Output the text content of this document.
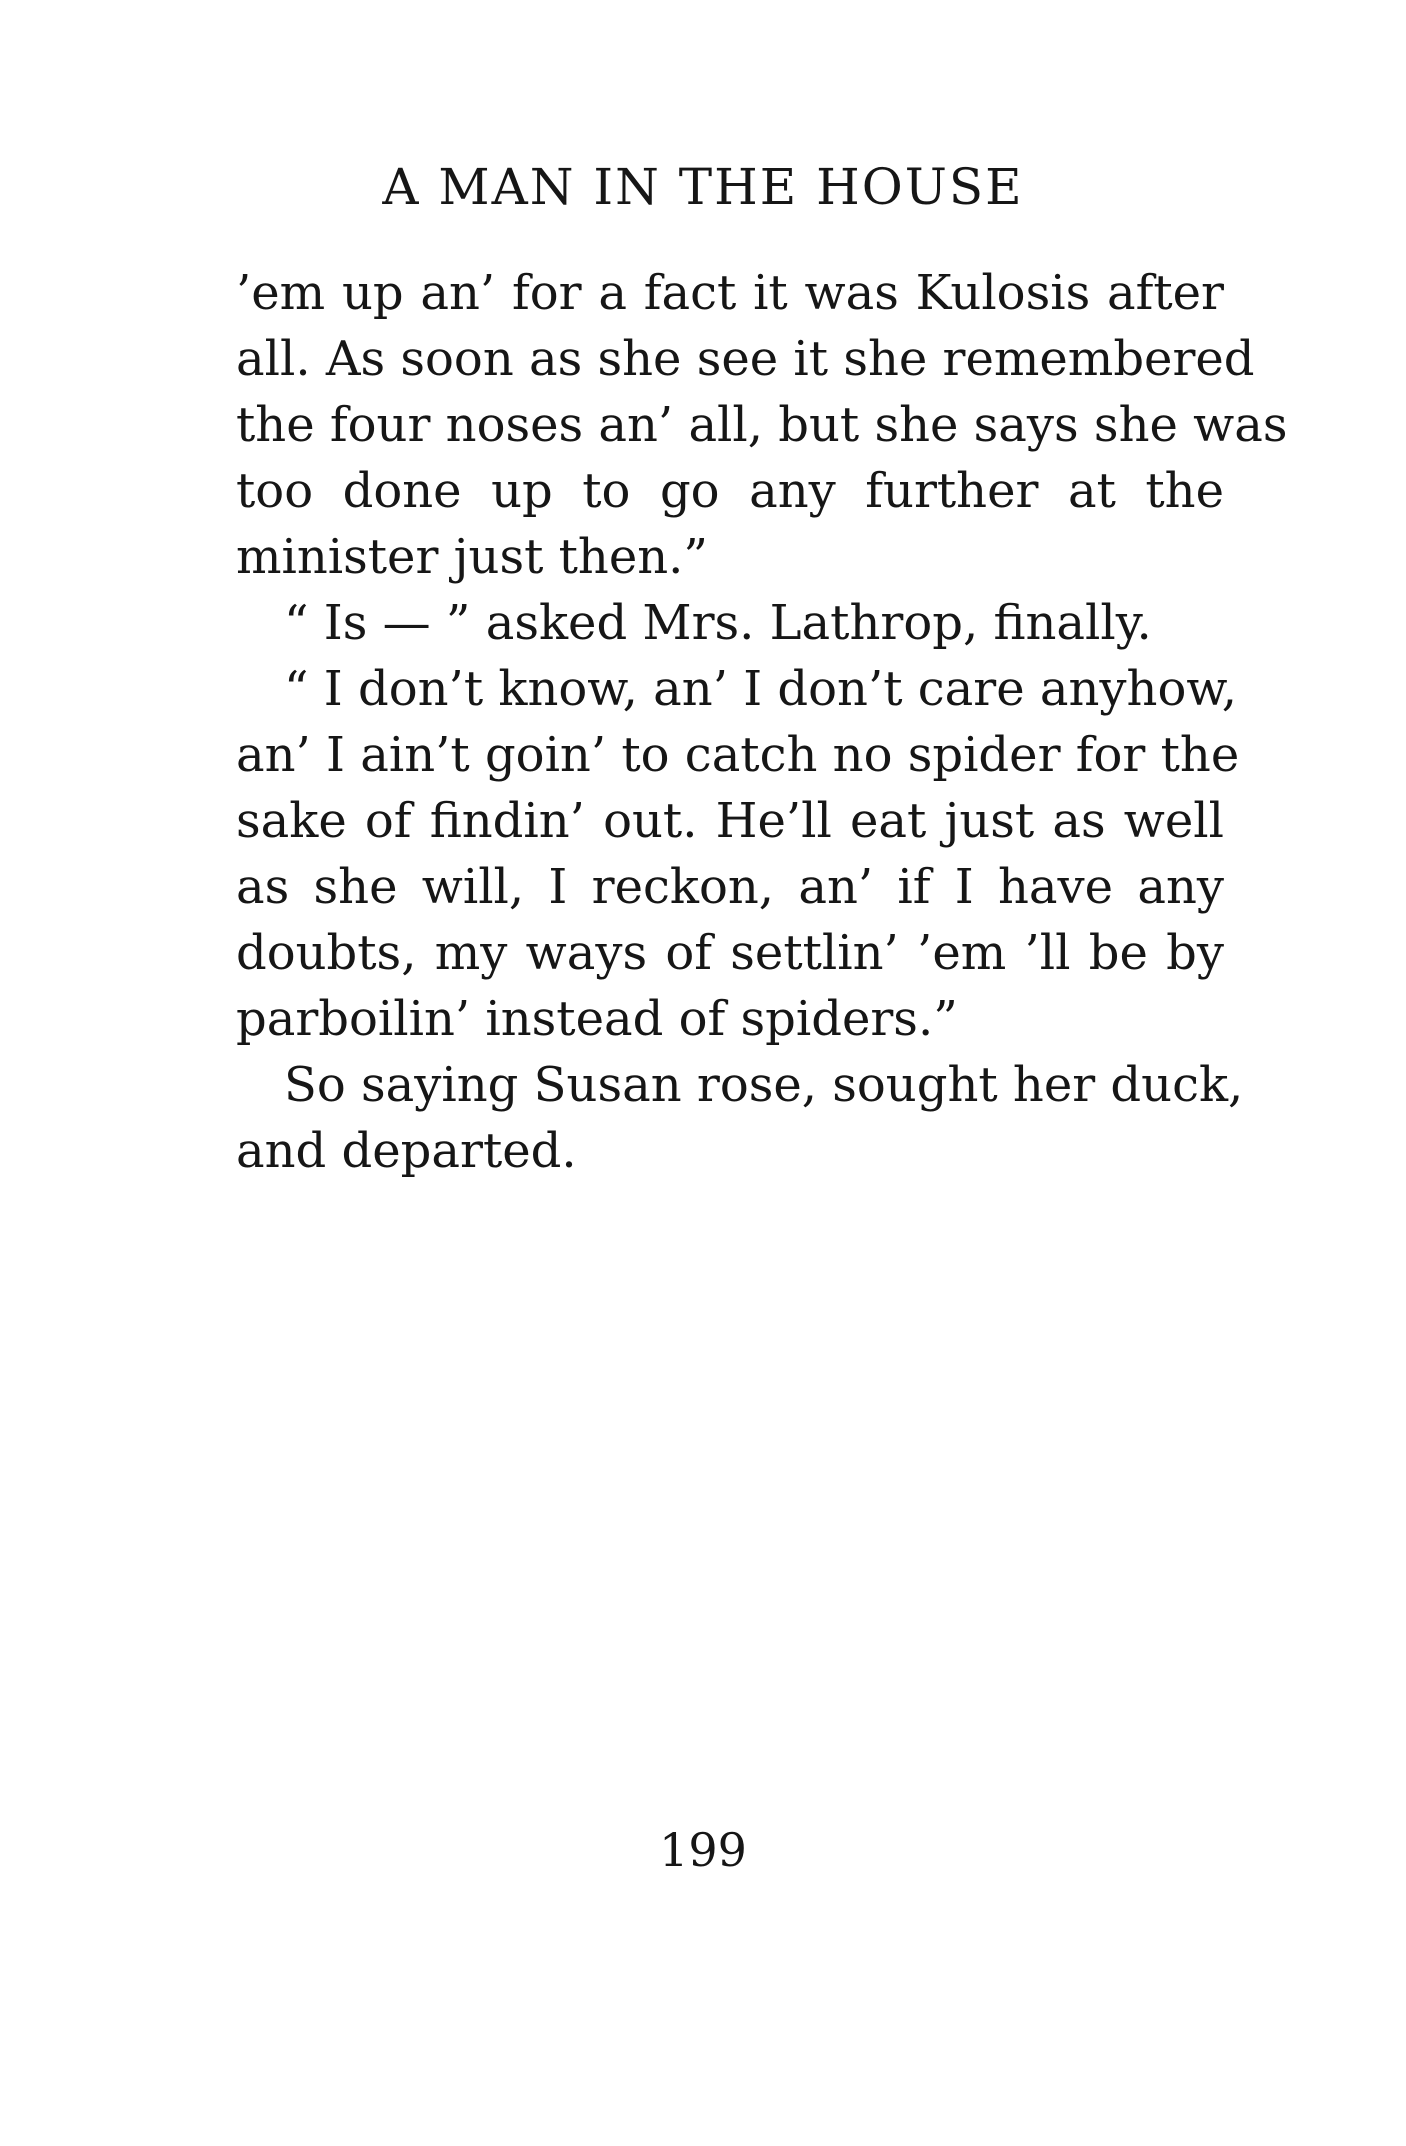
A MAN IN THE HOUSE
’em up an’ for a fact it was Kulosis after
all. As soon as she see it she remembered
the four noses an’ all, but she says she was
too done up to go any further at the
minister just then.”
“ Is — ” asked Mrs. Lathrop, finally.
“ I don’t know, an’ I don’t care anyhow,
an’ I ain’t goin’ to catch no spider for the
sake of findin’ out. He’ll eat just as well
as she will, I reckon, an’ if I have any
doubts, my ways of settlin’ ’em ’ll be by
parboilin’ instead of spiders.”
So saying Susan rose, sought her duck,
and departed.
199
